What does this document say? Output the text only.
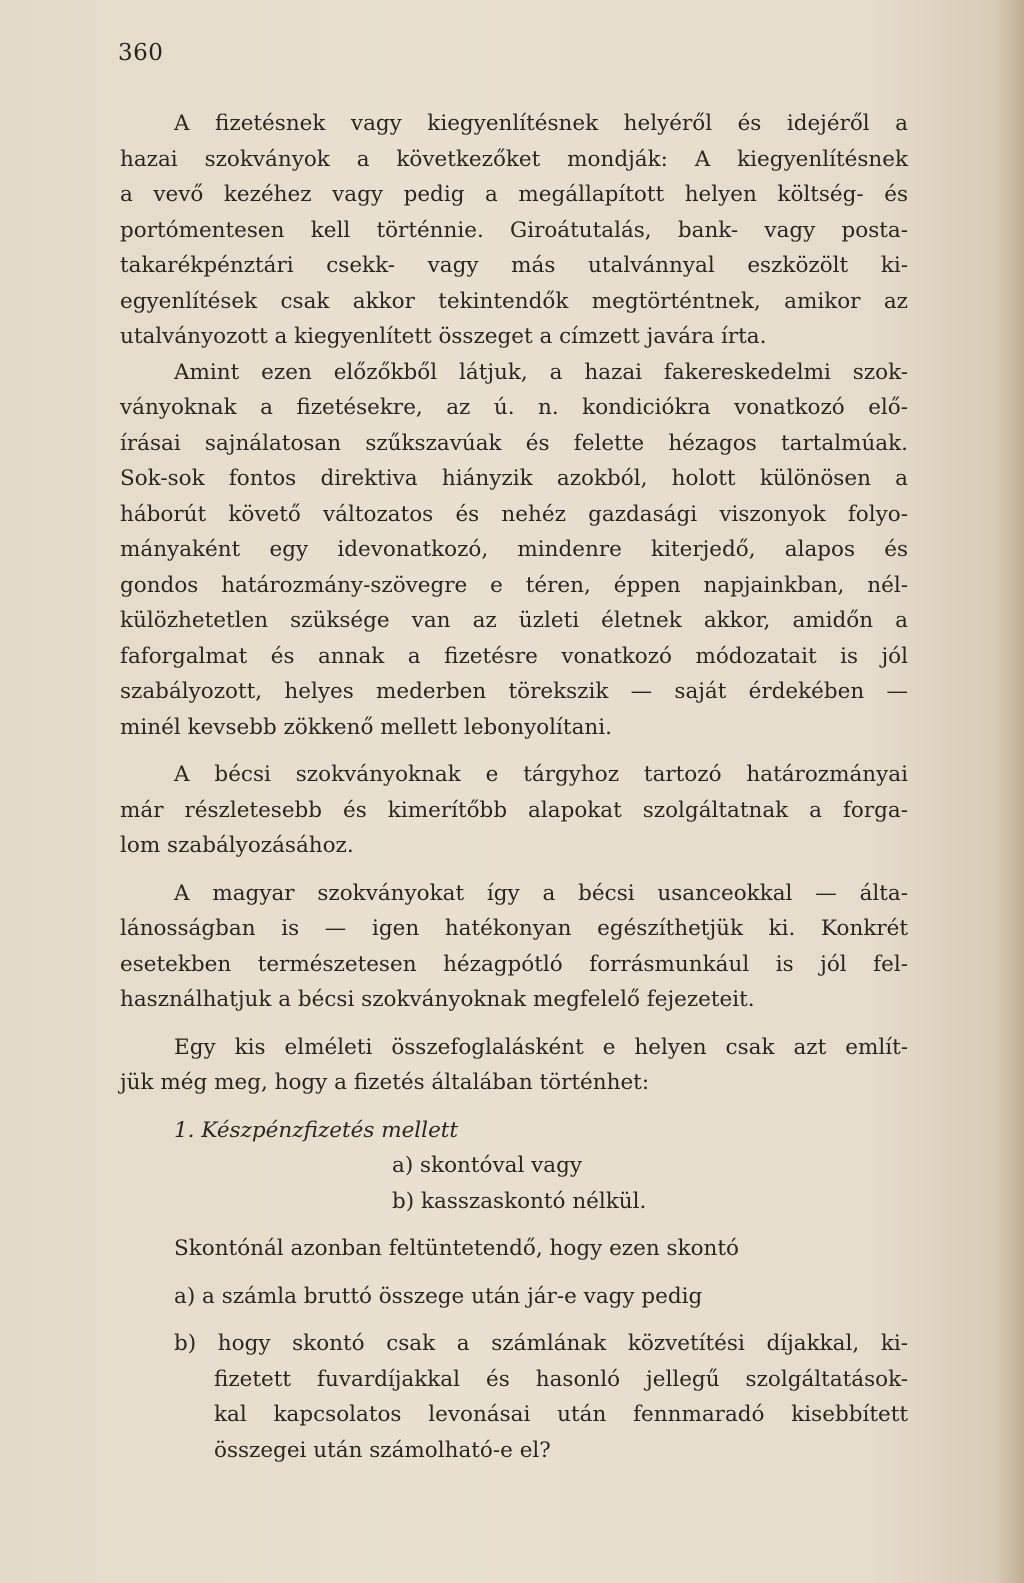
360
A fizetésnek vagy kiegyenlítésnek helyéről és idejéről a
hazai szokványok a következőket mondják: A kiegyenlítésnek
a vevő kezéhez vagy pedig a megállapított helyen költség- és
portómentesen kell történnie. Giroátutalás, bank- vagy posta-
takarékpénztári csekk- vagy más utalvánnyal eszközölt ki-
egyenlítések csak akkor tekintendők megtörténtnek, amikor az
utalványozott a kiegyenlített összeget a címzett javára írta.
Amint ezen előzőkből látjuk, a hazai fakereskedelmi szok-
ványoknak a fizetésekre, az ú. n. kondiciókra vonatkozó elő-
írásai sajnálatosan szűkszavúak és felette hézagos tartalmúak.
Sok-sok fontos direktiva hiányzik azokból, holott különösen a
háborút követő változatos és nehéz gazdasági viszonyok folyo-
mányaként egy idevonatkozó, mindenre kiterjedő, alapos és
gondos határozmány-szövegre e téren, éppen napjainkban, nél-
külözhetetlen szüksége van az üzleti életnek akkor, amidőn a
faforgalmat és annak a fizetésre vonatkozó módozatait is jól
szabályozott, helyes mederben törekszik — saját érdekében —
minél kevsebb zökkenő mellett lebonyolítani.
A bécsi szokványoknak e tárgyhoz tartozó határozmányai
már részletesebb és kimerítőbb alapokat szolgáltatnak a forga-
lom szabályozásához.
A magyar szokványokat így a bécsi usanceokkal — álta-
lánosságban is — igen hatékonyan egészíthetjük ki. Konkrét
esetekben természetesen hézagpótló forrásmunkául is jól fel-
használhatjuk a bécsi szokványoknak megfelelő fejezeteit.
Egy kis elméleti összefoglalásként e helyen csak azt említ-
jük még meg, hogy a fizetés általában történhet:
1. Készpénzfizetés mellett
a) skontóval vagy
b) kasszaskontó nélkül.
Skontónál azonban feltüntetendő, hogy ezen skontó
a) a számla bruttó összege után jár-e vagy pedig
b) hogy skontó csak a számlának közvetítési díjakkal, ki-
fizetett fuvardíjakkal és hasonló jellegű szolgáltatások-
kal kapcsolatos levonásai után fennmaradó kisebbített
összegei után számolható-e el?
